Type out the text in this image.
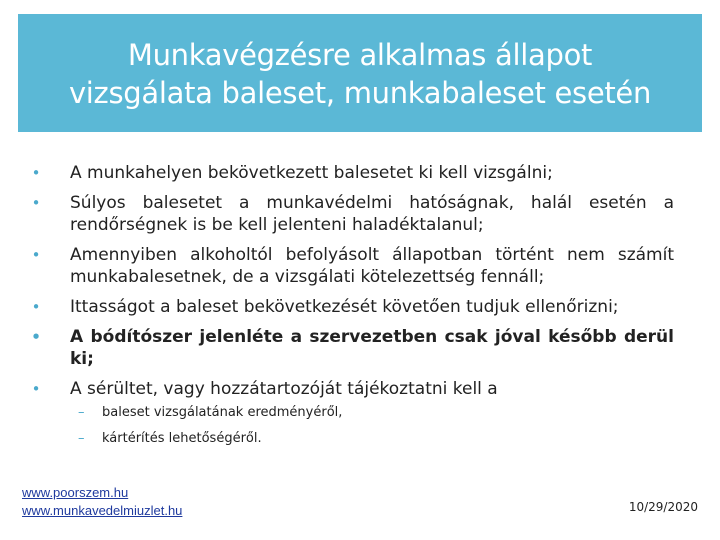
Munkavégzésre alkalmas állapot
vizsgálata baleset, munkabaleset esetén
•	A munkahelyen bekövetkezett balesetet ki kell vizsgálni;
•	Súlyos balesetet a munkavédelmi hatóságnak, halál esetén a rendőrségnek is be kell jelenteni haladéktalanul;
•	Amennyiben alkoholtól befolyásolt állapotban történt nem számít munkabalesetnek, de a vizsgálati kötelezettség fennáll;
•	Ittasságot a baleset bekövetkezését követően tudjuk ellenőrizni;
•	A bódítószer jelenléte a szervezetben csak jóval később derül ki;
•	A sérültet, vagy hozzátartozóját tájékoztatni kell a
– baleset vizsgálatának eredményéről,
– kártérítés lehetőségéről.
www.poorszem.hu
www.munkavedelmiuzlet.hu	10/29/2020
